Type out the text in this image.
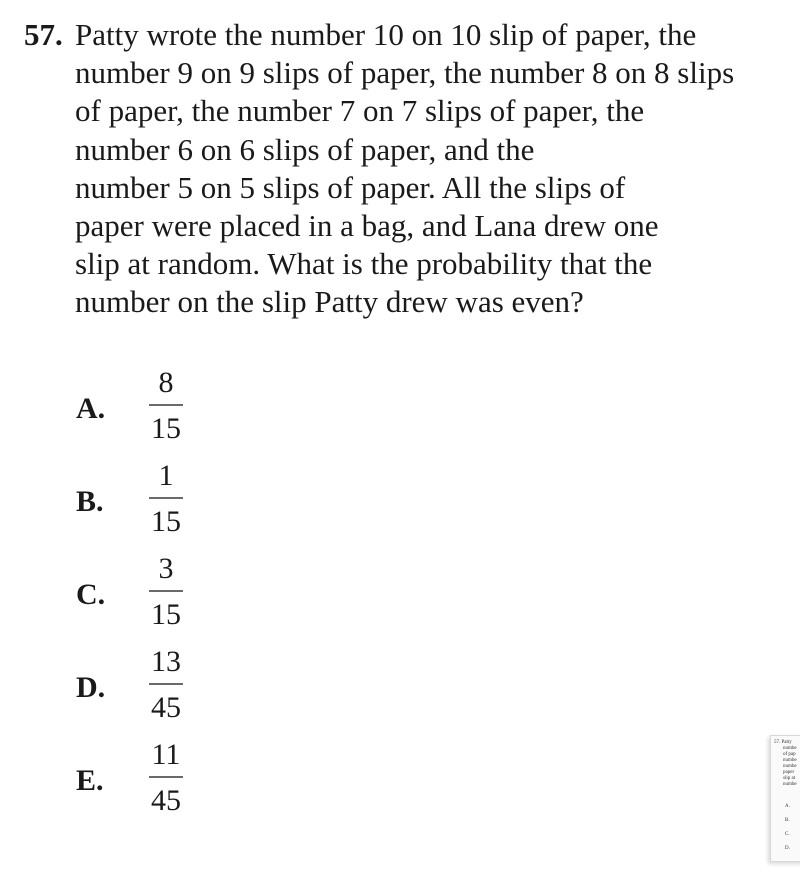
57. Patty wrote the number 10 on 10 slip of paper, the
number 9 on 9 slips of paper, the number 8 on 8 slips
of paper, the number 7 on 7 slips of paper, the
number 6 on 6 slips of paper, and the
number 5 on 5 slips of paper. All the slips of
paper were placed in a bag, and Lana drew one
slip at random. What is the probability that the
number on the slip Patty drew was even?
A.
8
15
B.
1
15
C.
3
15
D.
13
45
E.
11
45
57. Patty
numbe
of pap
numbe
numbe
paper
slip at
numbe
A.
B.
C.
D.
